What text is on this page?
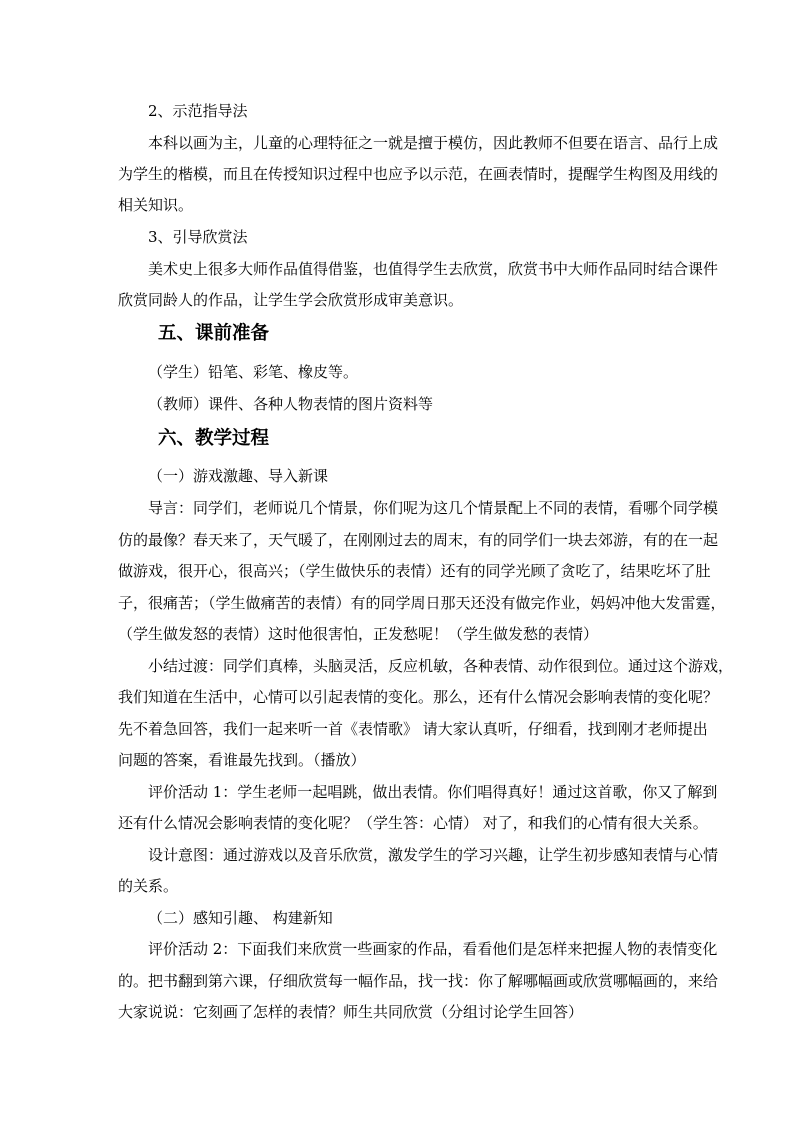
2、示范指导法
本科以画为主，儿童的心理特征之一就是擅于模仿，因此教师不但要在语言、品行上成
为学生的楷模，而且在传授知识过程中也应予以示范，在画表情时，提醒学生构图及用线的
相关知识。
3、引导欣赏法
美术史上很多大师作品值得借鉴，也值得学生去欣赏，欣赏书中大师作品同时结合课件
欣赏同龄人的作品，让学生学会欣赏形成审美意识。
五、课前准备
（学生）铅笔、彩笔、橡皮等。
（教师）课件、各种人物表情的图片资料等
六、教学过程
（一）游戏激趣、导入新课
导言：同学们，老师说几个情景，你们呢为这几个情景配上不同的表情，看哪个同学模
仿的最像？春天来了，天气暖了，在刚刚过去的周末，有的同学们一块去郊游，有的在一起
做游戏，很开心，很高兴；（学生做快乐的表情）还有的同学光顾了贪吃了，结果吃坏了肚
子，很痛苦；（学生做痛苦的表情）有的同学周日那天还没有做完作业，妈妈冲他大发雷霆，
（学生做发怒的表情）这时他很害怕，正发愁呢！（学生做发愁的表情）
小结过渡：同学们真棒，头脑灵活，反应机敏，各种表情、动作很到位。通过这个游戏，
我们知道在生活中，心情可以引起表情的变化。那么，还有什么情况会影响表情的变化呢？
先不着急回答，我们一起来听一首《表情歌》 请大家认真听，仔细看，找到刚才老师提出
问题的答案，看谁最先找到。（播放）
评价活动 1：学生老师一起唱跳，做出表情。你们唱得真好！通过这首歌，你又了解到
还有什么情况会影响表情的变化呢？（学生答：心情） 对了，和我们的心情有很大关系。
设计意图：通过游戏以及音乐欣赏，激发学生的学习兴趣，让学生初步感知表情与心情
的关系。
（二）感知引趣、 构建新知
评价活动 2：下面我们来欣赏一些画家的作品，看看他们是怎样来把握人物的表情变化
的。把书翻到第六课，仔细欣赏每一幅作品，找一找：你了解哪幅画或欣赏哪幅画的，来给
大家说说：它刻画了怎样的表情？师生共同欣赏（分组讨论学生回答）
